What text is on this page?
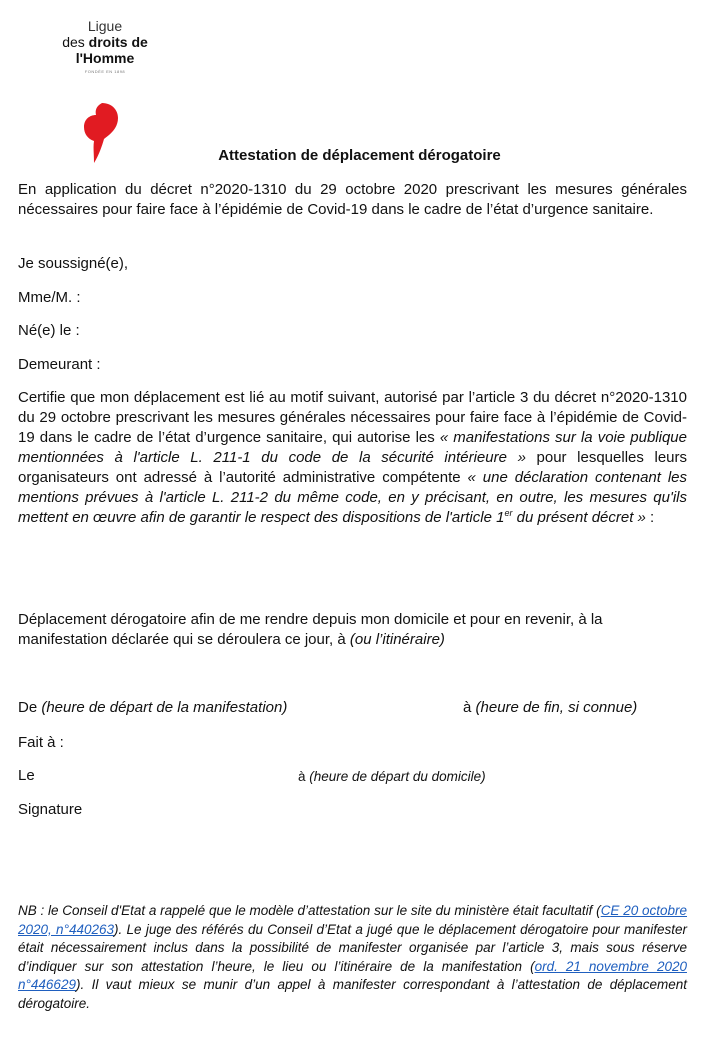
Ligue
des droits de
l'Homme
FONDÉE EN 1898
Attestation de déplacement dérogatoire
En application du décret n°2020-1310 du 29 octobre 2020 prescrivant les mesures générales nécessaires pour faire face à l’épidémie de Covid-19 dans le cadre de l’état d’urgence sanitaire.
Je soussigné(e),
Mme/M. :
Né(e) le :
Demeurant :
Certifie que mon déplacement est lié au motif suivant, autorisé par l’article 3 du décret n°2020-1310 du 29 octobre prescrivant les mesures générales nécessaires pour faire face à l’épidémie de Covid-19 dans le cadre de l’état d’urgence sanitaire, qui autorise les « manifestations sur la voie publique mentionnées à l'article L. 211-1 du code de la sécurité intérieure » pour lesquelles leurs organisateurs ont adressé à l’autorité administrative compétente « une déclaration contenant les mentions prévues à l'article L. 211-2 du même code, en y précisant, en outre, les mesures qu'ils mettent en œuvre afin de garantir le respect des dispositions de l'article 1er du présent décret » :
Déplacement dérogatoire afin de me rendre depuis mon domicile et pour en revenir, à la manifestation déclarée qui se déroulera ce jour, à (ou l’itinéraire)
De (heure de départ de la manifestation)	à (heure de fin, si connue)
Fait à :
Le	à (heure de départ du domicile)
Signature
NB : le Conseil d'Etat a rappelé que le modèle d’attestation sur le site du ministère était facultatif (CE 20 octobre 2020, n°440263). Le juge des référés du Conseil d’Etat a jugé que le déplacement dérogatoire pour manifester était nécessairement inclus dans la possibilité de manifester organisée par l’article 3, mais sous réserve d’indiquer sur son attestation l’heure, le lieu ou l’itinéraire de la manifestation (ord. 21 novembre 2020 n°446629). Il vaut mieux se munir d’un appel à manifester correspondant à l’attestation de déplacement dérogatoire.
